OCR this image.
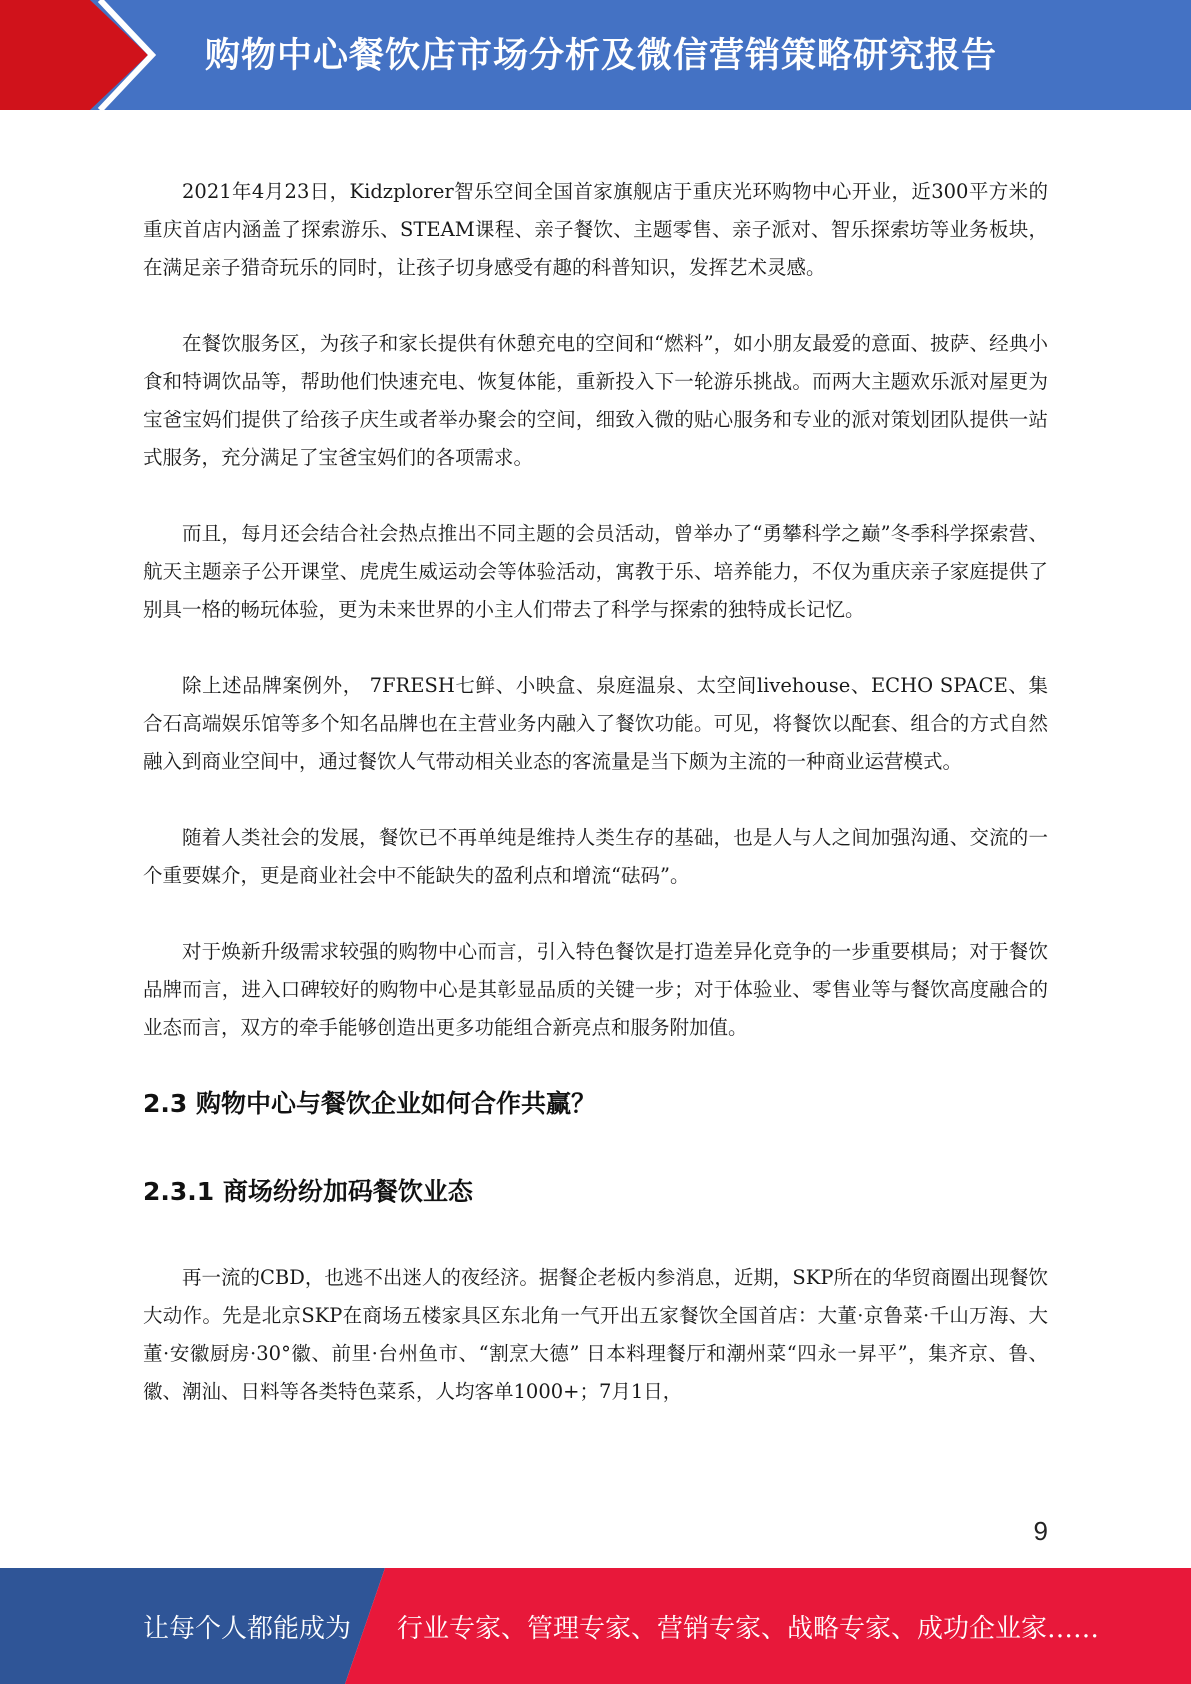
购物中心餐饮店市场分析及微信营销策略研究报告

2021年4月23日，Kidzplorer智乐空间全国首家旗舰店于重庆光环购物中心开业，近300平方米的重庆首店内涵盖了探索游乐、STEAM课程、亲子餐饮、主题零售、亲子派对、智乐探索坊等业务板块，在满足亲子猎奇玩乐的同时，让孩子切身感受有趣的科普知识，发挥艺术灵感。

在餐饮服务区，为孩子和家长提供有休憩充电的空间和“燃料”，如小朋友最爱的意面、披萨、经典小食和特调饮品等，帮助他们快速充电、恢复体能，重新投入下一轮游乐挑战。而两大主题欢乐派对屋更为宝爸宝妈们提供了给孩子庆生或者举办聚会的空间，细致入微的贴心服务和专业的派对策划团队提供一站式服务，充分满足了宝爸宝妈们的各项需求。

而且，每月还会结合社会热点推出不同主题的会员活动，曾举办了“勇攀科学之巅”冬季科学探索营、航天主题亲子公开课堂、虎虎生威运动会等体验活动，寓教于乐、培养能力，不仅为重庆亲子家庭提供了别具一格的畅玩体验，更为未来世界的小主人们带去了科学与探索的独特成长记忆。

除上述品牌案例外， 7FRESH七鲜、小映盒、泉庭温泉、太空间livehouse、ECHO SPACE、集合石高端娱乐馆等多个知名品牌也在主营业务内融入了餐饮功能。可见，将餐饮以配套、组合的方式自然融入到商业空间中，通过餐饮人气带动相关业态的客流量是当下颇为主流的一种商业运营模式。

随着人类社会的发展，餐饮已不再单纯是维持人类生存的基础，也是人与人之间加强沟通、交流的一个重要媒介，更是商业社会中不能缺失的盈利点和增流“砝码”。

对于焕新升级需求较强的购物中心而言，引入特色餐饮是打造差异化竞争的一步重要棋局；对于餐饮品牌而言，进入口碑较好的购物中心是其彰显品质的关键一步；对于体验业、零售业等与餐饮高度融合的业态而言，双方的牵手能够创造出更多功能组合新亮点和服务附加值。

2.3 购物中心与餐饮企业如何合作共赢？
2.3.1 商场纷纷加码餐饮业态

再一流的CBD，也逃不出迷人的夜经济。据餐企老板内参消息，近期，SKP所在的华贸商圈出现餐饮大动作。先是北京SKP在商场五楼家具区东北角一气开出五家餐饮全国首店：大董·京鲁菜·千山万海、大董·安徽厨房·30°徽、前里·台州鱼市、“割烹大德” 日本料理餐厅和潮州菜“四永一昇平”，集齐京、鲁、徽、潮汕、日料等各类特色菜系，人均客单1000+；7月1日，

9
让每个人都能成为 行业专家、管理专家、营销专家、战略专家、成功企业家……
